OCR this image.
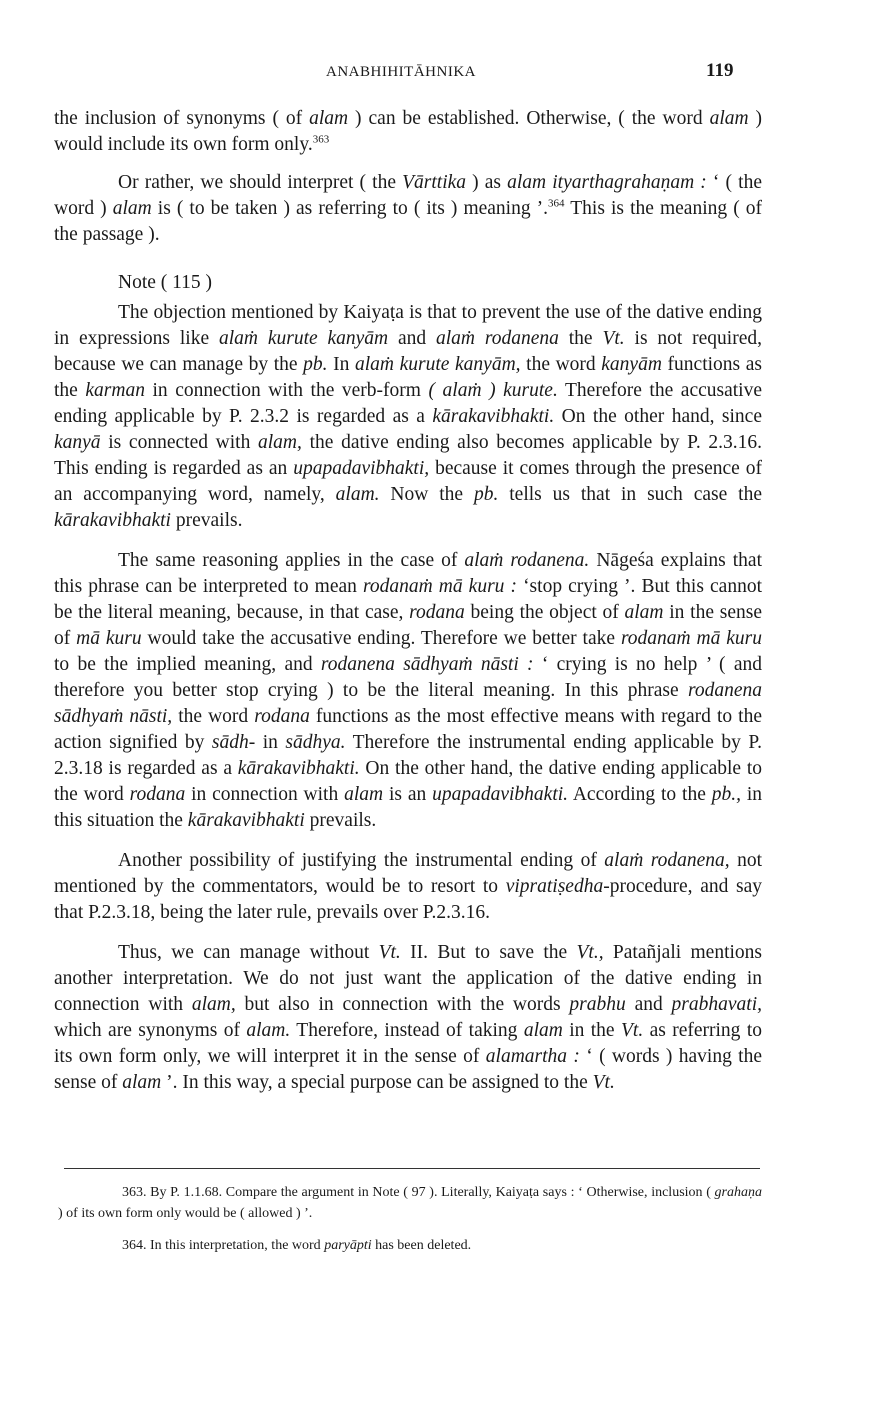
ANABHIHITĀHNIKA	119

the inclusion of synonyms ( of alam ) can be established. Otherwise, ( the word alam ) would include its own form only.$^{363}$

Or rather, we should interpret ( the Vārttika ) as alam ityarthagrahaṇam : ‘ ( the word ) alam is ( to be taken ) as referring to ( its ) meaning ’.$^{364}$ This is the meaning ( of the passage ).

Note ( 115 )

The objection mentioned by Kaiyaṭa is that to prevent the use of the dative ending in expressions like alaṁ kurute kanyām and alaṁ rodanena the Vt. is not required, because we can manage by the pb. In alaṁ kurute kanyām, the word kanyām functions as the karman in connection with the verb-form ( alaṁ ) kurute. Therefore the accusative ending applicable by P. 2.3.2 is regarded as a kārakavibhakti. On the other hand, since kanyā is connected with alam, the dative ending also becomes applicable by P. 2.3.16. This ending is regarded as an upapadavibhakti, because it comes through the presence of an accompanying word, namely, alam. Now the pb. tells us that in such case the kārakavibhakti prevails.

The same reasoning applies in the case of alaṁ rodanena. Nāgeśa explains that this phrase can be interpreted to mean rodanaṁ mā kuru : ‘stop crying ’. But this cannot be the literal meaning, because, in that case, rodana being the object of alam in the sense of mā kuru would take the accusative ending. Therefore we better take rodanaṁ mā kuru to be the implied meaning, and rodanena sādhyaṁ nāsti : ‘ crying is no help ’ ( and therefore you better stop crying ) to be the literal meaning. In this phrase rodanena sādhyaṁ nāsti, the word rodana functions as the most effective means with regard to the action signified by sādh- in sādhya. Therefore the instrumental ending applicable by P. 2.3.18 is regarded as a kārakavibhakti. On the other hand, the dative ending applicable to the word rodana in connection with alam is an upapadavibhakti. According to the pb., in this situation the kārakavibhakti prevails.

Another possibility of justifying the instrumental ending of alaṁ rodanena, not mentioned by the commentators, would be to resort to vipratiṣedha-procedure, and say that P.2.3.18, being the later rule, prevails over P.2.3.16.

Thus, we can manage without Vt. II. But to save the Vt., Patañjali mentions another interpretation. We do not just want the application of the dative ending in connection with alam, but also in connection with the words prabhu and prabhavati, which are synonyms of alam. Therefore, instead of taking alam in the Vt. as referring to its own form only, we will interpret it in the sense of alamartha : ‘ ( words ) having the sense of alam ’. In this way, a special purpose can be assigned to the Vt.

363. By P. 1.1.68. Compare the argument in Note ( 97 ). Literally, Kaiyaṭa says : ‘ Otherwise, inclusion ( grahaṇa ) of its own form only would be ( allowed ) ’.

364. In this interpretation, the word paryāpti has been deleted.
